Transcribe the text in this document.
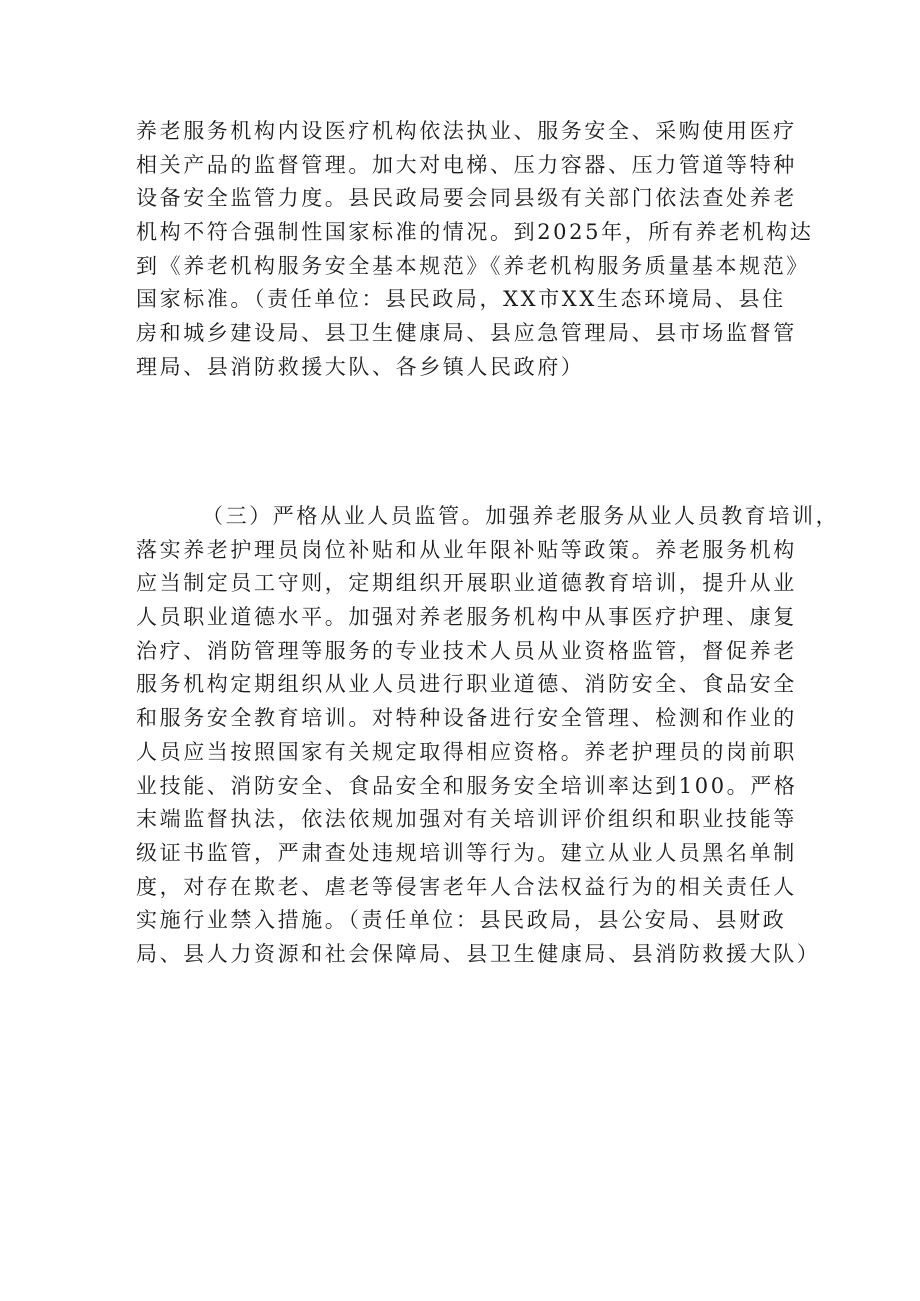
养老服务机构内设医疗机构依法执业、服务安全、采购使用医疗
相关产品的监督管理。加大对电梯、压力容器、压力管道等特种
设备安全监管力度。县民政局要会同县级有关部门依法查处养老
机构不符合强制性国家标准的情况。到2025年，所有养老机构达
到《养老机构服务安全基本规范》《养老机构服务质量基本规范》
国家标准。（责任单位：县民政局，XX市XX生态环境局、县住
房和城乡建设局、县卫生健康局、县应急管理局、县市场监督管
理局、县消防救援大队、各乡镇人民政府）
（三）严格从业人员监管。加强养老服务从业人员教育培训，
落实养老护理员岗位补贴和从业年限补贴等政策。养老服务机构
应当制定员工守则，定期组织开展职业道德教育培训，提升从业
人员职业道德水平。加强对养老服务机构中从事医疗护理、康复
治疗、消防管理等服务的专业技术人员从业资格监管，督促养老
服务机构定期组织从业人员进行职业道德、消防安全、食品安全
和服务安全教育培训。对特种设备进行安全管理、检测和作业的
人员应当按照国家有关规定取得相应资格。养老护理员的岗前职
业技能、消防安全、食品安全和服务安全培训率达到100。严格
末端监督执法，依法依规加强对有关培训评价组织和职业技能等
级证书监管，严肃查处违规培训等行为。建立从业人员黑名单制
度，对存在欺老、虐老等侵害老年人合法权益行为的相关责任人
实施行业禁入措施。（责任单位：县民政局，县公安局、县财政
局、县人力资源和社会保障局、县卫生健康局、县消防救援大队）
